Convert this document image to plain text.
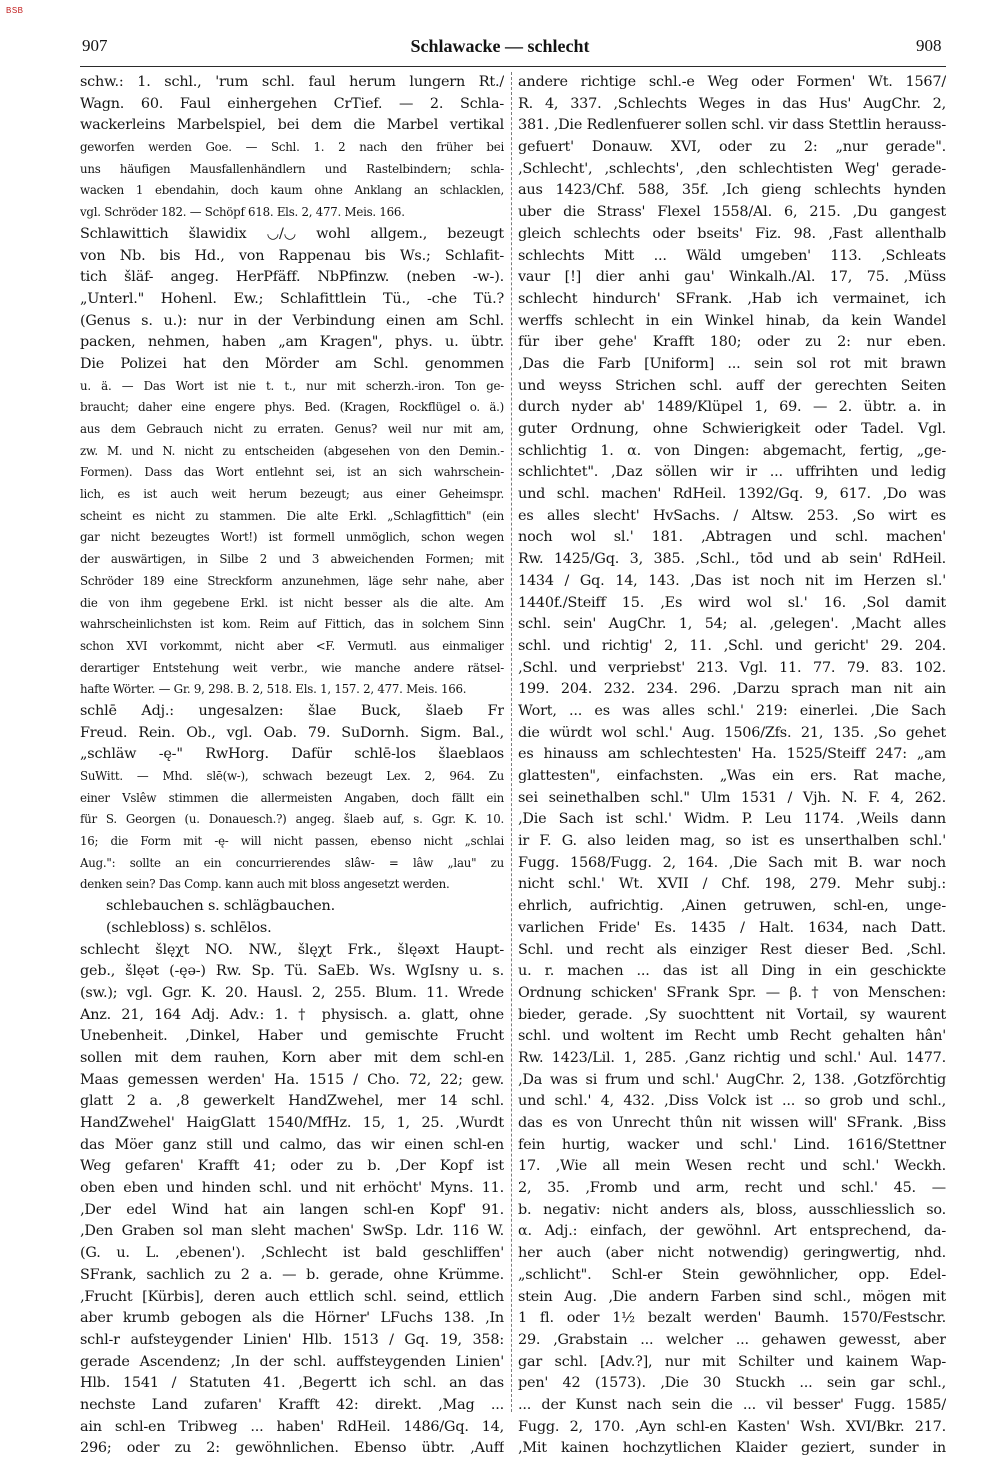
BSB
907	Schlawacke — schlecht	908
schw.: 1. schl., 'rum schl. faul herum lungern Rt./
Wagn. 60. Faul einhergehen CrTief. — 2. Schla-
wackerleins Marbelspiel, bei dem die Marbel vertikal
geworfen werden Goe. — Schl. 1. 2 nach den früher bei
uns häufigen Mausfallenhändlern und Rastelbindern; schla-
wacken 1 ebendahin, doch kaum ohne Anklang an schlacklen,
vgl. Schröder 182. — Schöpf 618. Els. 2, 477. Meis. 166.
Schlawittich šlawidix ◡/◡ wohl allgem., bezeugt
von Nb. bis Hd., von Rappenau bis Ws.; Schlafit-
tich šläf- angeg. HerPfäff. NbPfinzw. (neben -w-).
„Unterl." Hohenl. Ew.; Schlafittlein Tü., -che Tü.?
(Genus s. u.): nur in der Verbindung einen am Schl.
packen, nehmen, haben „am Kragen", phys. u. übtr.
Die Polizei hat den Mörder am Schl. genommen
u. ä. — Das Wort ist nie t. t., nur mit scherzh.-iron. Ton ge-
braucht; daher eine engere phys. Bed. (Kragen, Rockflügel o. ä.)
aus dem Gebrauch nicht zu erraten. Genus? weil nur mit am,
zw. M. und N. nicht zu entscheiden (abgesehen von den Demin.-
Formen). Dass das Wort entlehnt sei, ist an sich wahrschein-
lich, es ist auch weit herum bezeugt; aus einer Geheimspr.
scheint es nicht zu stammen. Die alte Erkl. „Schlagfittich" (ein
gar nicht bezeugtes Wort!) ist formell unmöglich, schon wegen
der auswärtigen, in Silbe 2 und 3 abweichenden Formen; mit
Schröder 189 eine Streckform anzunehmen, läge sehr nahe, aber
die von ihm gegebene Erkl. ist nicht besser als die alte. Am
wahrscheinlichsten ist kom. Reim auf Fittich, das in solchem Sinn
schon XVI vorkommt, nicht aber <F. Vermutl. aus einmaliger
derartiger Entstehung weit verbr., wie manche andere rätsel-
hafte Wörter. — Gr. 9, 298. B. 2, 518. Els. 1, 157. 2, 477. Meis. 166.
schlē Adj.: ungesalzen: šlae Buck, šlaeb Fr
Freud. Rein. Ob., vgl. Oab. 79. SuDornh. Sigm. Bal.,
„schläw -ę-" RwHorg. Dafür schlē-los šlaeblaos
SuWitt. — Mhd. slē(w-), schwach bezeugt Lex. 2, 964. Zu
einer Vslêw stimmen die allermeisten Angaben, doch fällt ein
für S. Georgen (u. Donauesch.?) angeg. šlaeb auf, s. Ggr. K. 10.
16; die Form mit -ę- will nicht passen, ebenso nicht „schlai
Aug.": sollte an ein concurrierendes slâw- = lâw „lau" zu
denken sein? Das Comp. kann auch mit bloss angesetzt werden.
schlebauchen s. schlägbauchen.
(schlebloss) s. schlēlos.
schlecht šlęχt NO. NW., šlęχt Frk., šlęəxt Haupt-
geb., šlęət (-ęə-) Rw. Sp. Tü. SaEb. Ws. WgIsny u. s.
(sw.); vgl. Ggr. K. 20. Hausl. 2, 255. Blum. 11. Wrede
Anz. 21, 164 Adj. Adv.: 1. † physisch. a. glatt, ohne
Unebenheit. ‚Dinkel, Haber und gemischte Frucht
sollen mit dem rauhen, Korn aber mit dem schl-en
Maas gemessen werden' Ha. 1515 / Cho. 72, 22; gew.
glatt 2 a. ‚8 gewerkelt HandZwehel, mer 14 schl.
HandZwehel' HaigGlatt 1540/MfHz. 15, 1, 25. ‚Wurdt
das Möer ganz still und calmo, das wir einen schl-en
Weg gefaren' Krafft 41; oder zu b. ‚Der Kopf ist
oben eben und hinden schl. und nit erhöcht' Myns. 11.
‚Der edel Wind hat ain langen schl-en Kopf' 91.
‚Den Graben sol man sleht machen' SwSp. Ldr. 116 W.
(G. u. L. ‚ebenen'). ‚Schlecht ist bald geschliffen'
SFrank, sachlich zu 2 a. — b. gerade, ohne Krümme.
‚Frucht [Kürbis], deren auch ettlich schl. seind, ettlich
aber krumb gebogen als die Hörner' LFuchs 138. ‚In
schl-r aufsteygender Linien' Hlb. 1513 / Gq. 19, 358:
gerade Ascendenz; ‚In der schl. auffsteygenden Linien'
Hlb. 1541 / Statuten 41. ‚Begertt ich schl. an das
nechste Land zufaren' Krafft 42: direkt. ‚Mag ...
ain schl-en Tribweg ... haben' RdHeil. 1486/Gq. 14,
296; oder zu 2: gewöhnlichen. Ebenso übtr. ‚Auff
andere richtige schl.-e Weg oder Formen' Wt. 1567/
R. 4, 337. ‚Schlechts Weges in das Hus' AugChr. 2,
381. ‚Die Redlenfuerer sollen schl. vir dass Stettlin herauss-
gefuert' Donauw. XVI, oder zu 2: „nur gerade".
‚Schlecht', ‚schlechts', ‚den schlechtisten Weg' gerade-
aus 1423/Chf. 588, 35f. ‚Ich gieng schlechts hynden
uber die Strass' Flexel 1558/Al. 6, 215. ‚Du gangest
gleich schlechts oder bseits' Fiz. 98. ‚Fast allenthalb
schlechts Mitt ... Wäld umgeben' 113. ‚Schleats
vaur [!] dier anhi gau' Winkalh./Al. 17, 75. ‚Müss
schlecht hindurch' SFrank. ‚Hab ich vermainet, ich
werffs schlecht in ein Winkel hinab, da kein Wandel
für iber gehe' Krafft 180; oder zu 2: nur eben.
‚Das die Farb [Uniform] ... sein sol rot mit brawn
und weyss Strichen schl. auff der gerechten Seiten
durch nyder ab' 1489/Klüpel 1, 69. — 2. übtr. a. in
guter Ordnung, ohne Schwierigkeit oder Tadel. Vgl.
schlichtig 1. α. von Dingen: abgemacht, fertig, „ge-
schlichtet". ‚Daz söllen wir ir ... uffrihten und ledig
und schl. machen' RdHeil. 1392/Gq. 9, 617. ‚Do was
es alles slecht' HvSachs. / Altsw. 253. ‚So wirt es
noch wol sl.' 181. ‚Abtragen und schl. machen'
Rw. 1425/Gq. 3, 385. ‚Schl., tōd und ab sein' RdHeil.
1434 / Gq. 14, 143. ‚Das ist noch nit im Herzen sl.'
1440f./Steiff 15. ‚Es wird wol sl.' 16. ‚Sol damit
schl. sein' AugChr. 1, 54; al. ‚gelegen'. ‚Macht alles
schl. und richtig' 2, 11. ‚Schl. und gericht' 29. 204.
‚Schl. und verpriebst' 213. Vgl. 11. 77. 79. 83. 102.
199. 204. 232. 234. 296. ‚Darzu sprach man nit ain
Wort, ... es was alles schl.' 219: einerlei. ‚Die Sach
die würdt wol schl.' Aug. 1506/Zfs. 21, 135. ‚So gehet
es hinauss am schlechtesten' Ha. 1525/Steiff 247: „am
glattesten", einfachsten. „Was ein ers. Rat mache,
sei seinethalben schl." Ulm 1531 / Vjh. N. F. 4, 262.
‚Die Sach ist schl.' Widm. P. Leu 1174. ‚Weils dann
ir F. G. also leiden mag, so ist es unserthalben schl.'
Fugg. 1568/Fugg. 2, 164. ‚Die Sach mit B. war noch
nicht schl.' Wt. XVII / Chf. 198, 279. Mehr subj.:
ehrlich, aufrichtig. ‚Ainen getruwen, schl-en, unge-
varlichen Fride' Es. 1435 / Halt. 1634, nach Datt.
Schl. und recht als einziger Rest dieser Bed. ‚Schl.
u. r. machen ... das ist all Ding in ein geschickte
Ordnung schicken' SFrank Spr. — β. † von Menschen:
bieder, gerade. ‚Sy suochttent nit Vortail, sy waurent
schl. und woltent im Recht umb Recht gehalten hân'
Rw. 1423/Lil. 1, 285. ‚Ganz richtig und schl.' Aul. 1477.
‚Da was si frum und schl.' AugChr. 2, 138. ‚Gotzförchtig
und schl.' 4, 432. ‚Diss Volck ist ... so grob und schl.,
das es von Unrecht thûn nit wissen will' SFrank. ‚Biss
fein hurtig, wacker und schl.' Lind. 1616/Stettner
17. ‚Wie all mein Wesen recht und schl.' Weckh.
2, 35. ‚Fromb und arm, recht und schl.' 45. —
b. negativ: nicht anders als, bloss, ausschliesslich so.
α. Adj.: einfach, der gewöhnl. Art entsprechend, da-
her auch (aber nicht notwendig) geringwertig, nhd.
„schlicht". Schl-er Stein gewöhnlicher, opp. Edel-
stein Aug. ‚Die andern Farben sind schl., mögen mit
1 fl. oder 1½ bezalt werden' Baumh. 1570/Festschr.
29. ‚Grabstain ... welcher ... gehawen gewesst, aber
gar schl. [Adv.?], nur mit Schilter und kainem Wap-
pen' 42 (1573). ‚Die 30 Stuckh ... sein gar schl.,
... der Kunst nach sein die ... vil besser' Fugg. 1585/
Fugg. 2, 170. ‚Ayn schl-en Kasten' Wsh. XVI/Bkr. 217.
‚Mit kainen hochzytlichen Klaider geziert, sunder in
